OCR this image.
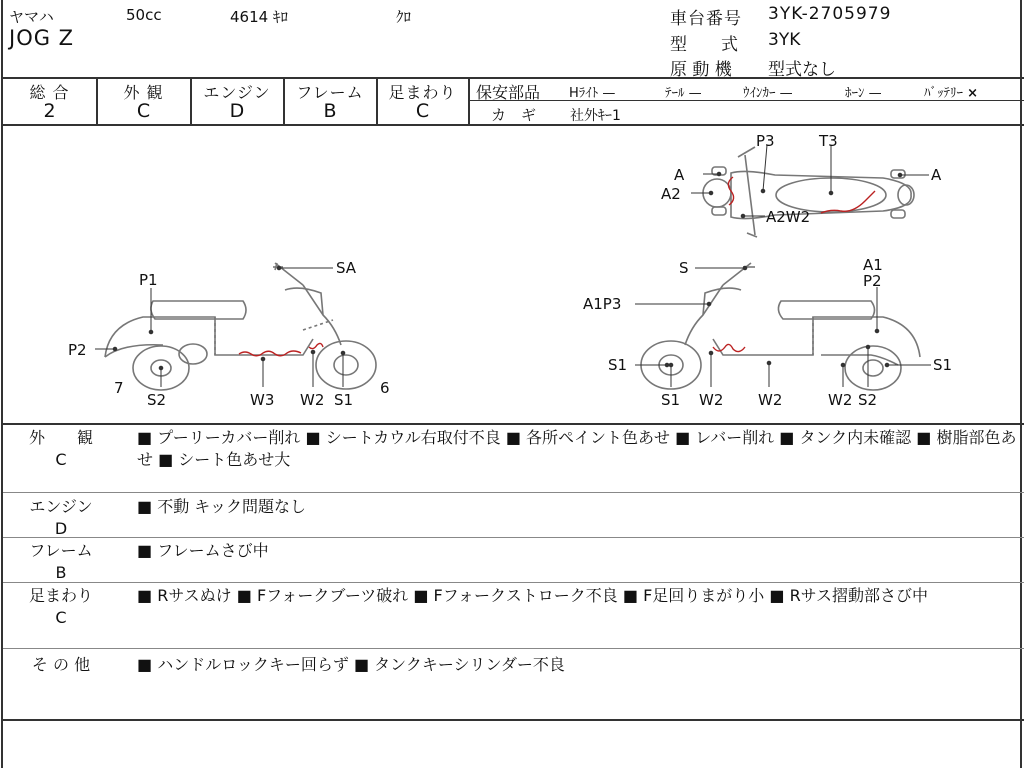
ヤマハ	50cc	4614 ｷﾛ	ｸﾛ
JOG Z
車台番号 3YK-2705979
型　　式 3YK
原 動 機 型式なし
総 合
2
外 観
C
エンジン
D
フレーム
B
足まわり
C
保安部品 Hﾗｲﾄ —	ﾃｰﾙ —	ｳｲﾝｶｰ —	ﾎｰﾝ —	ﾊﾞｯﾃﾘｰ ×
カ　ギ 社外ｷｰ1
P3	T3
A	A
A2
A2W2
SA
P1
P2
7
S2	W3 W2 S1
6
S	A1
P2
A1P3
S1
S1
S1
W2 W2	W2 S2
外　　観
C
■ プーリーカバー削れ ■ シートカウル右取付不良 ■ 各所ペイント色あせ ■ レバー削れ ■ タンク内未確認 ■ 樹脂部色あせ ■ シート色あせ大
エンジン
D
■ 不動 キック問題なし
フレーム
B
■ フレームさび中
足まわり
C
■ Rサスぬけ ■ Fフォークブーツ破れ ■ Fフォークストローク不良 ■ F足回りまがり小 ■ Rサス摺動部さび中
そ の 他	■ ハンドルロックキー回らず ■ タンクキーシリンダー不良
